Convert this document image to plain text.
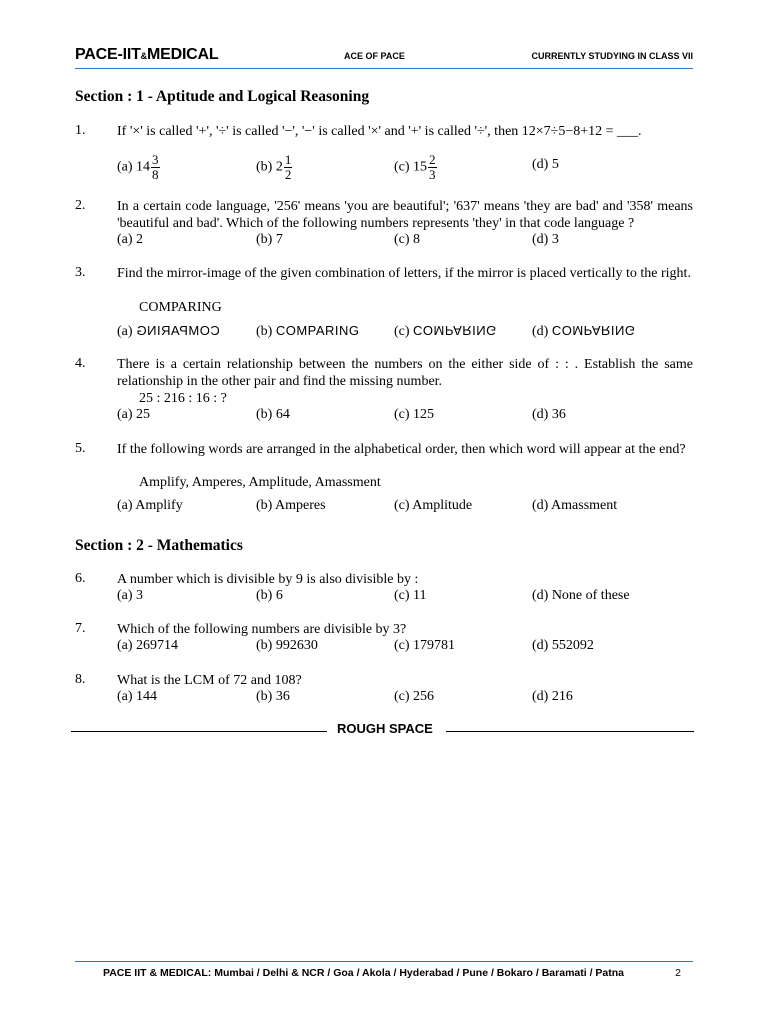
PACE-IIT&MEDICAL	ACE OF PACE	CURRENTLY STUDYING IN CLASS VII
Section : 1 - Aptitude and Logical Reasoning
1. If '×' is called '+', '÷' is called '−', '−' is called '×' and '+' is called '÷', then 12×7÷5−8+12 = ___.
(a) $14 \frac{3}{8}$	(b) $2 \frac{1}{2}$	(c) $15 \frac{2}{3}$	(d) 5
2. In a certain code language, '256' means 'you are beautiful'; '637' means 'they are bad' and '358' means 'beautiful and bad'. Which of the following numbers represents 'they' in that code language ?
(a) 2	(b) 7	(c) 8	(d) 3
3. Find the mirror-image of the given combination of letters, if the mirror is placed vertically to the right.
COMPARING
(a) COMPARING	(b) COMPARING (c) COMPARING	(d) COMPARING
4. There is a certain relationship between the numbers on the either side of : : . Establish the same relationship in the other pair and find the missing number.
25 : 216 : 16 : ?
(a) 25	(b) 64	(c) 125	(d) 36
5. If the following words are arranged in the alphabetical order, then which word will appear at the end?
Amplify, Amperes, Amplitude, Amassment
(a) Amplify	(b) Amperes	(c) Amplitude	(d) Amassment
Section : 2 - Mathematics
6. A number which is divisible by 9 is also divisible by :
(a) 3	(b) 6	(c) 11	(d) None of these
7. Which of the following numbers are divisible by 3?
(a) 269714	(b) 992630	(c) 179781	(d) 552092
8. What is the LCM of 72 and 108?
(a) 144	(b) 36	(c) 256	(d) 216
ROUGH SPACE
PACE IIT & MEDICAL: Mumbai / Delhi & NCR / Goa / Akola / Hyderabad / Pune / Bokaro / Baramati / Patna	2
